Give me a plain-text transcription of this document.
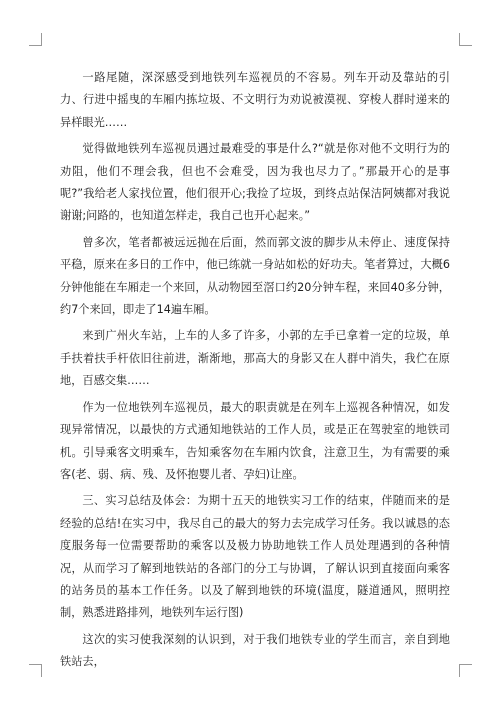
一路尾随，深深感受到地铁列车巡视员的不容易。列车开动及靠站的引力、行进中摇曳的车厢内拣垃圾、不文明行为劝说被漠视、穿梭人群时递来的异样眼光……

觉得做地铁列车巡视员遇过最难受的事是什么?“就是你对他不文明行为的劝阻，他们不理会我，但也不会难受，因为我也尽力了。”那最开心的是事呢?”我给老人家找位置，他们很开心;我捡了垃圾，到终点站保洁阿姨都对我说谢谢;问路的，也知道怎样走，我自己也开心起来。”

曾多次，笔者都被远远抛在后面，然而郭文波的脚步从未停止、速度保持平稳，原来在多日的工作中，他已练就一身站如松的好功夫。笔者算过，大概6分钟他能在车厢走一个来回，从动物园至滘口约20分钟车程，来回40多分钟，约7个来回，即走了14遍车厢。

来到广州火车站，上车的人多了许多，小郭的左手已拿着一定的垃圾，单手扶着扶手杆依旧往前进，渐渐地，那高大的身影又在人群中消失，我伫在原地，百感交集……

作为一位地铁列车巡视员，最大的职责就是在列车上巡视各种情况，如发现异常情况，以最快的方式通知地铁站的工作人员，或是正在驾驶室的地铁司机。引导乘客文明乘车，告知乘客勿在车厢内饮食，注意卫生，为有需要的乘客(老、弱、病、残、及怀抱婴儿者、孕妇)让座。

三、实习总结及体会：为期十五天的地铁实习工作的结束，伴随而来的是经验的总结!在实习中，我尽自己的最大的努力去完成学习任务。我以诚恳的态度服务每一位需要帮助的乘客以及极力协助地铁工作人员处理遇到的各种情况，从而学习了解到地铁站的各部门的分工与协调，了解认识到直接面向乘客的站务员的基本工作任务。以及了解到地铁的环境(温度，隧道通风，照明控制，熟悉进路排列，地铁列车运行图)

这次的实习使我深刻的认识到，对于我们地铁专业的学生而言，亲自到地铁站去，
